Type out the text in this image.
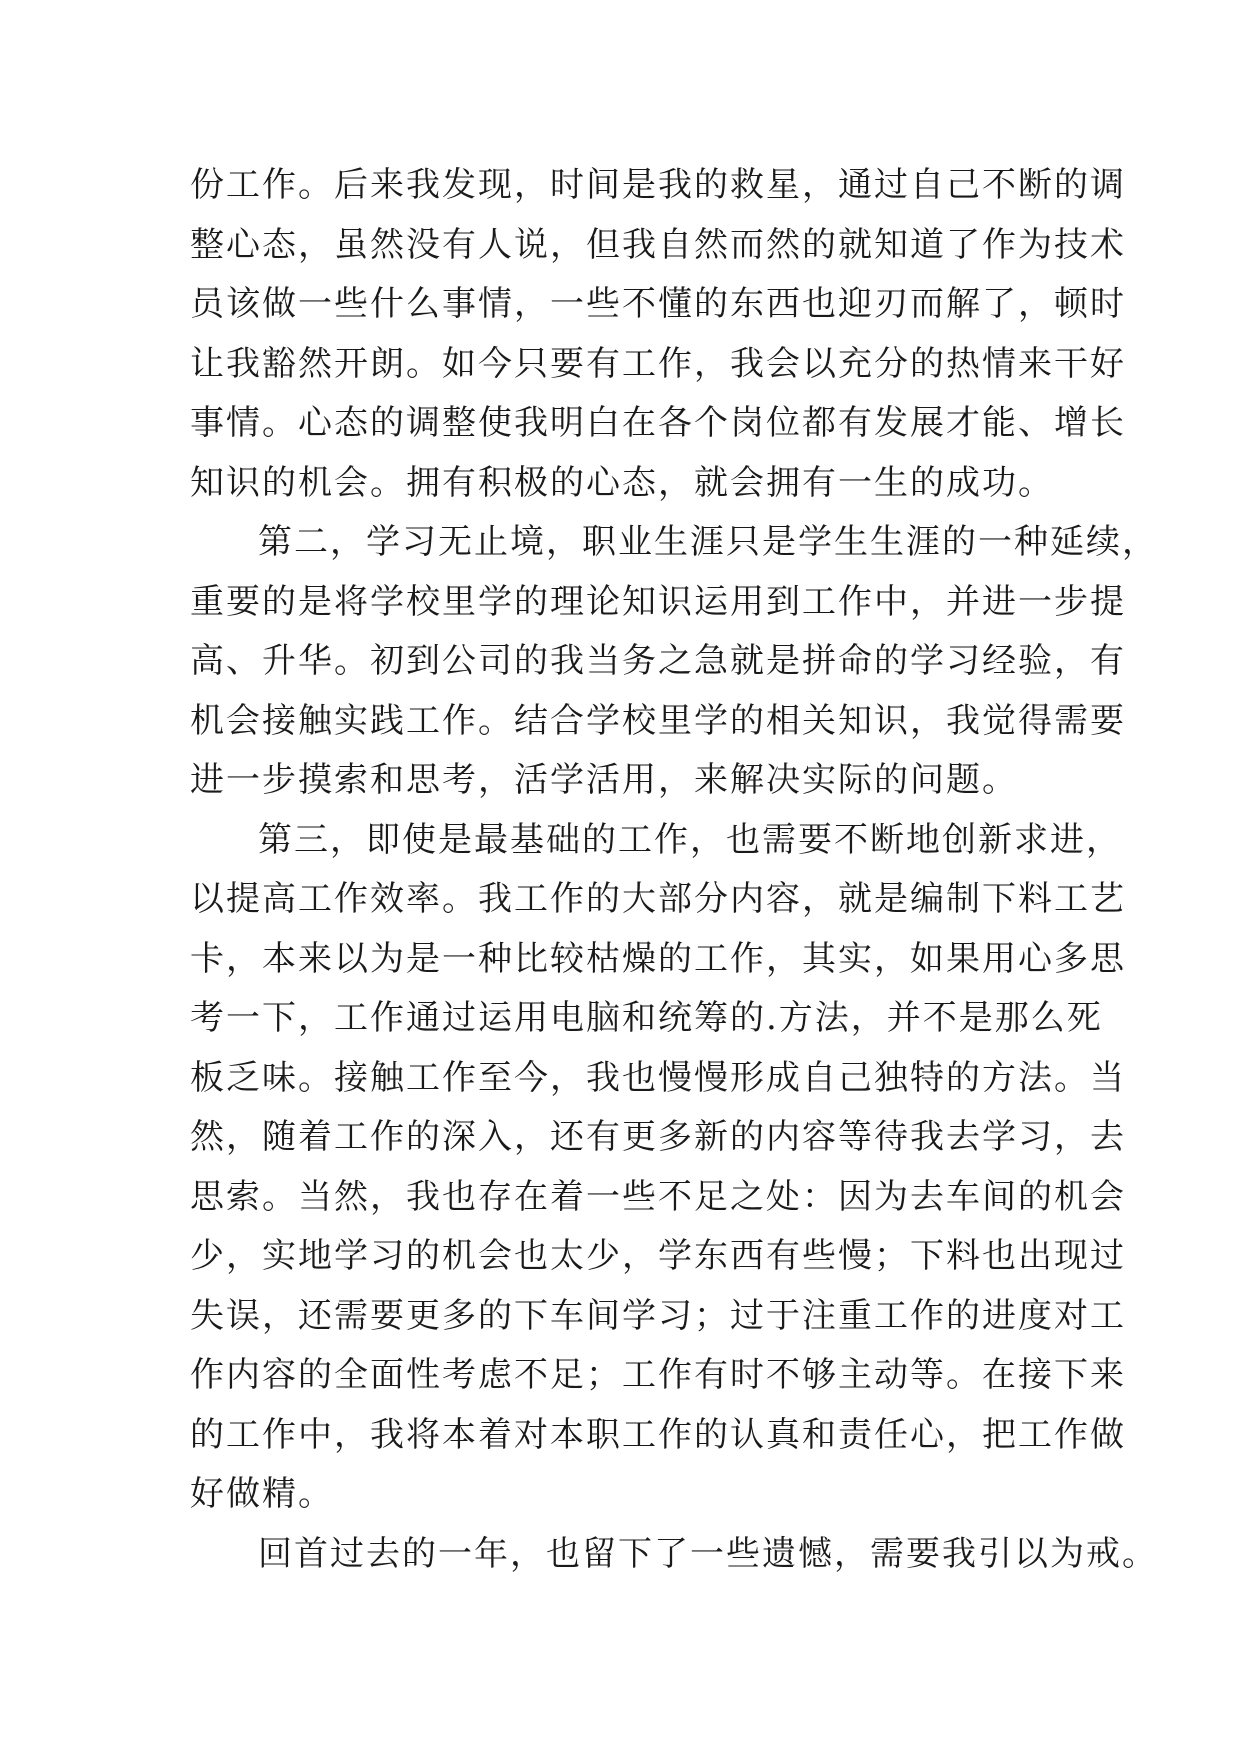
份工作。后来我发现，时间是我的救星，通过自己不断的调
整心态，虽然没有人说，但我自然而然的就知道了作为技术
员该做一些什么事情，一些不懂的东西也迎刃而解了，顿时
让我豁然开朗。如今只要有工作，我会以充分的热情来干好
事情。心态的调整使我明白在各个岗位都有发展才能、增长
知识的机会。拥有积极的心态，就会拥有一生的成功。
第二，学习无止境，职业生涯只是学生生涯的一种延续，
重要的是将学校里学的理论知识运用到工作中，并进一步提
高、升华。初到公司的我当务之急就是拼命的学习经验，有
机会接触实践工作。结合学校里学的相关知识，我觉得需要
进一步摸索和思考，活学活用，来解决实际的问题。
第三，即使是最基础的工作，也需要不断地创新求进，
以提高工作效率。我工作的大部分内容，就是编制下料工艺
卡，本来以为是一种比较枯燥的工作，其实，如果用心多思
考一下，工作通过运用电脑和统筹的.方法，并不是那么死
板乏味。接触工作至今，我也慢慢形成自己独特的方法。当
然，随着工作的深入，还有更多新的内容等待我去学习，去
思索。当然，我也存在着一些不足之处：因为去车间的机会
少，实地学习的机会也太少，学东西有些慢；下料也出现过
失误，还需要更多的下车间学习；过于注重工作的进度对工
作内容的全面性考虑不足；工作有时不够主动等。在接下来
的工作中，我将本着对本职工作的认真和责任心，把工作做
好做精。
回首过去的一年，也留下了一些遗憾，需要我引以为戒。
